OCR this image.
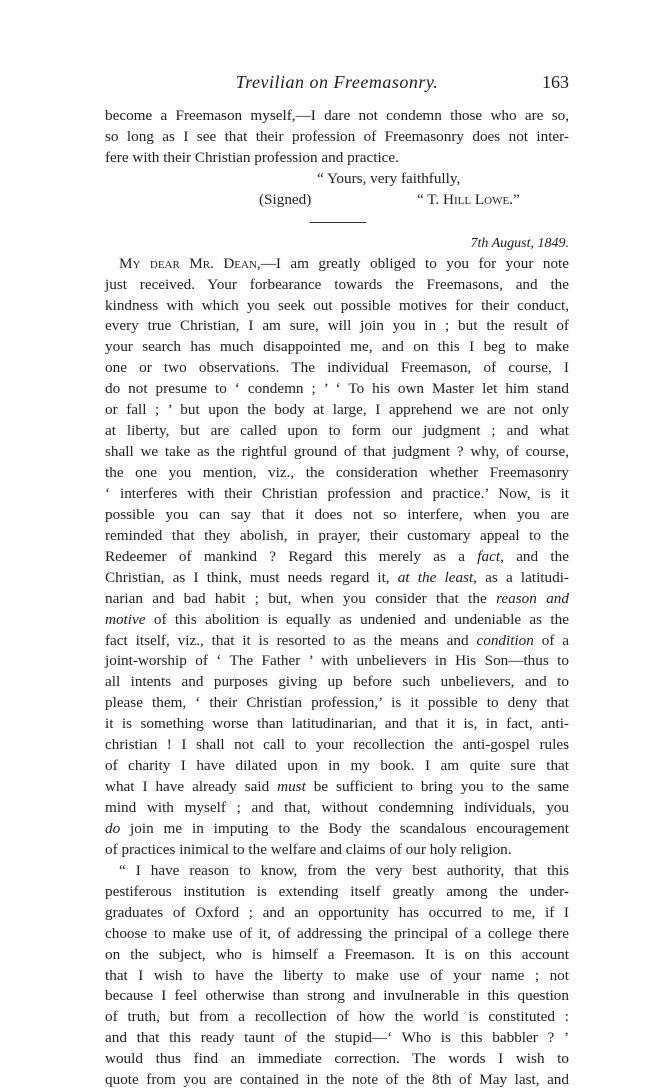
Trevilian on Freemasonry.	163
become a Freemason myself,—I dare not condemn those who are so,
so long as I see that their profession of Freemasonry does not inter-
fere with their Christian profession and practice.
“ Yours, very faithfully,
(Signed)	“ T. Hill Lowe.”
7th August, 1849.
My dear Mr. Dean,—I am greatly obliged to you for your note
just received. Your forbearance towards the Freemasons, and the
kindness with which you seek out possible motives for their conduct,
every true Christian, I am sure, will join you in ; but the result of
your search has much disappointed me, and on this I beg to make
one or two observations. The individual Freemason, of course, I
do not presume to ‘ condemn ; ’ ‘ To his own Master let him stand
or fall ; ’ but upon the body at large, I apprehend we are not only
at liberty, but are called upon to form our judgment ; and what
shall we take as the rightful ground of that judgment ? why, of course,
the one you mention, viz., the consideration whether Freemasonry
‘ interferes with their Christian profession and practice.’ Now, is it
possible you can say that it does not so interfere, when you are
reminded that they abolish, in prayer, their customary appeal to the
Redeemer of mankind ? Regard this merely as a fact, and the
Christian, as I think, must needs regard it, at the least, as a latitudi-
narian and bad habit ; but, when you consider that the reason and
motive of this abolition is equally as undenied and undeniable as the
fact itself, viz., that it is resorted to as the means and condition of a
joint-worship of ‘ The Father ’ with unbelievers in His Son—thus to
all intents and purposes giving up before such unbelievers, and to
please them, ‘ their Christian profession,’ is it possible to deny that
it is something worse than latitudinarian, and that it is, in fact, anti-
christian ! I shall not call to your recollection the anti-gospel rules
of charity I have dilated upon in my book. I am quite sure that
what I have already said must be sufficient to bring you to the same
mind with myself ; and that, without condemning individuals, you
do join me in imputing to the Body the scandalous encouragement
of practices inimical to the welfare and claims of our holy religion.
“ I have reason to know, from the very best authority, that this
pestiferous institution is extending itself greatly among the under-
graduates of Oxford ; and an opportunity has occurred to me, if I
choose to make use of it, of addressing the principal of a college there
on the subject, who is himself a Freemason. It is on this account
that I wish to have the liberty to make use of your name ; not
because I feel otherwise than strong and invulnerable in this question
of truth, but from a recollection of how the world is constituted :
and that this ready taunt of the stupid—‘ Who is this babbler ? ’
would thus find an immediate correction. The words I wish to
quote from you are contained in the note of the 8th of May last, and
